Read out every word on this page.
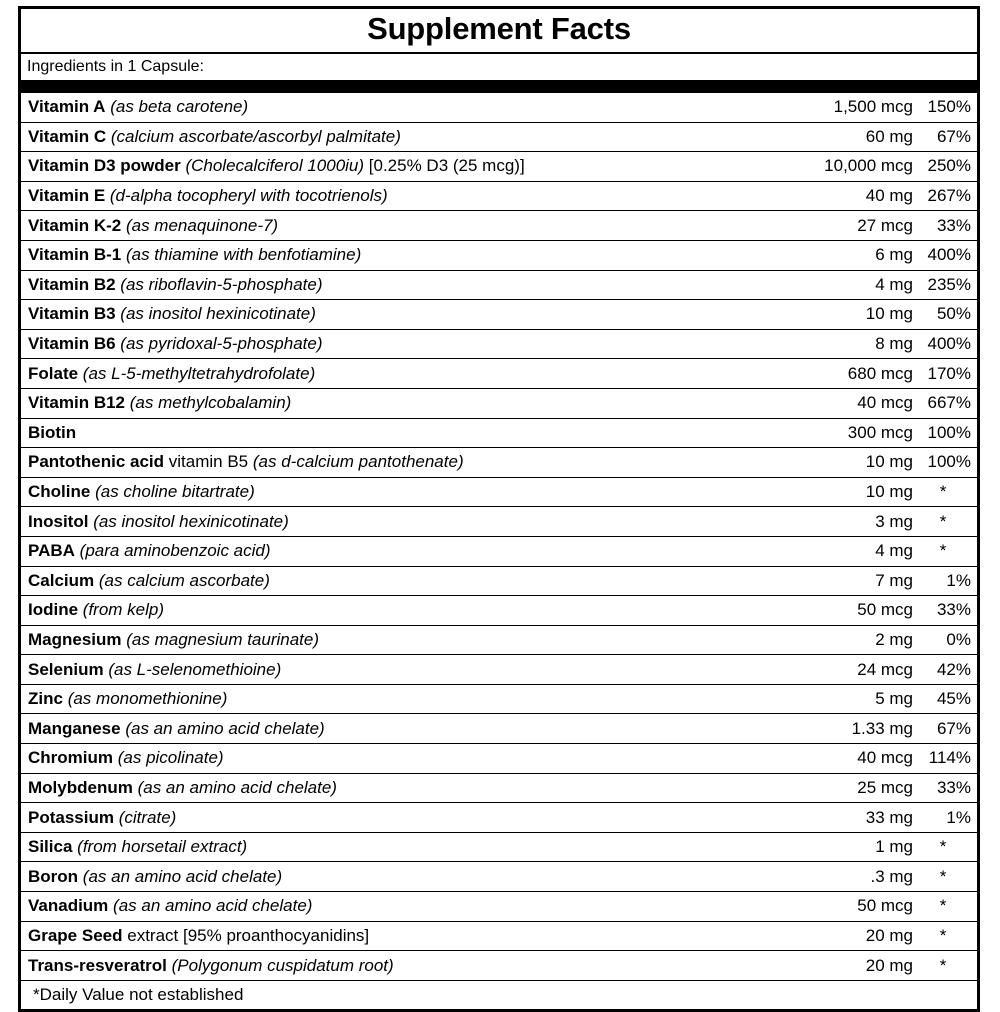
Supplement Facts
Ingredients in 1 Capsule:
Vitamin A (as beta carotene)	1,500 mcg	150%

Vitamin C (calcium ascorbate/ascorbyl palmitate)	60 mg	67%

Vitamin D3 powder (Cholecalciferol 1000iu) [0.25% D3 (25 mcg)]	10,000 mcg	250%

Vitamin E (d-alpha tocopheryl with tocotrienols)	40 mg	267%

Vitamin K-2 (as menaquinone-7)	27 mcg	33%

Vitamin B-1 (as thiamine with benfotiamine)	6 mg	400%

Vitamin B2 (as riboflavin-5-phosphate)	4 mg	235%

Vitamin B3 (as inositol hexinicotinate)	10 mg	50%

Vitamin B6 (as pyridoxal-5-phosphate)	8 mg	400%

Folate (as L-5-methyltetrahydrofolate)	680 mcg	170%

Vitamin B12 (as methylcobalamin)	40 mcg	667%

Biotin	300 mcg	100%

Pantothenic acid vitamin B5 (as d-calcium pantothenate)	10 mg	100%

Choline (as choline bitartrate)	10 mg	*

Inositol (as inositol hexinicotinate)	3 mg	*

PABA (para aminobenzoic acid)	4 mg	*

Calcium (as calcium ascorbate)	7 mg	1%

Iodine (from kelp)	50 mcg	33%

Magnesium (as magnesium taurinate)	2 mg	0%

Selenium (as L-selenomethioine)	24 mcg	42%

Zinc (as monomethionine)	5 mg	45%

Manganese (as an amino acid chelate)	1.33 mg	67%

Chromium (as picolinate)	40 mcg	114%

Molybdenum (as an amino acid chelate)	25 mcg	33%

Potassium (citrate)	33 mg	1%

Silica (from horsetail extract)	1 mg	*

Boron (as an amino acid chelate)	.3 mg	*

Vanadium (as an amino acid chelate)	50 mcg	*

Grape Seed extract [95% proanthocyanidins]	20 mg	*

Trans-resveratrol (Polygonum cuspidatum root)	20 mg	*

*Daily Value not established		
